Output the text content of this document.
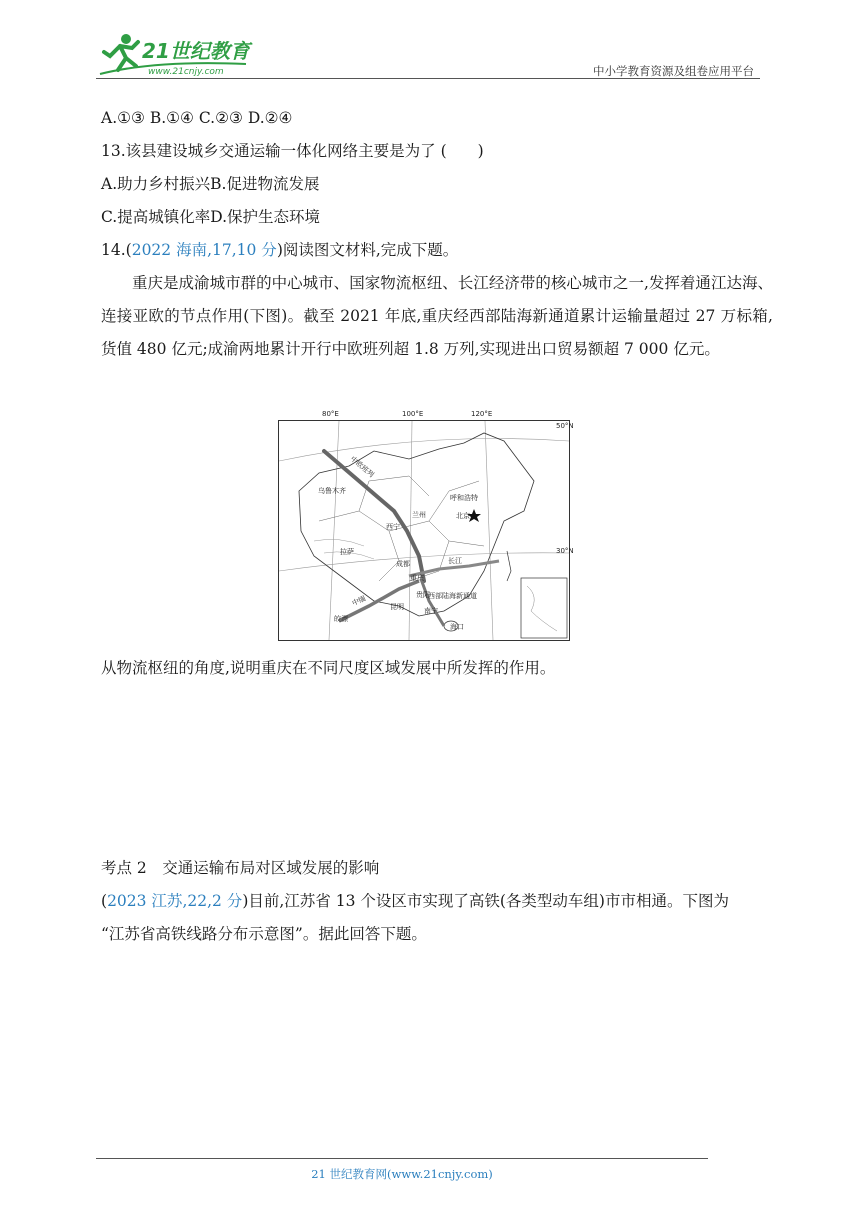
21世纪教育
www.21cnjy.com	中小学教育资源及组卷应用平台
A.①③ B.①④ C.②③ D.②④
13.该县建设城乡交通运输一体化网络主要是为了 (　　)
A.助力乡村振兴B.促进物流发展
C.提高城镇化率D.保护生态环境
14.(2022 海南,17,10 分)阅读图文材料,完成下题。
重庆是成渝城市群的中心城市、国家物流枢纽、长江经济带的核心城市之一,发挥着通江达海、连接亚欧的节点作用(下图)。截至 2021 年底,重庆经西部陆海新通道累计运输量超过 27 万标箱,货值 480 亿元;成渝两地累计开行中欧班列超 1.8 万列,实现进出口贸易额超 7 000 亿元。
80°E	100°E	120°E
50°N
30°N
乌鲁木齐
呼和浩特
北京
兰州
西宁
拉萨
成都
重庆
贵阳
南宁
昆明
海口
皎漂
中欧班列
长江
西部陆海新通道
中缅
从物流枢纽的角度,说明重庆在不同尺度区域发展中所发挥的作用。
考点 2　交通运输布局对区域发展的影响
(2023 江苏,22,2 分)目前,江苏省 13 个设区市实现了高铁(各类型动车组)市市相通。下图为
“江苏省高铁线路分布示意图”。据此回答下题。
21 世纪教育网(www.21cnjy.com)
